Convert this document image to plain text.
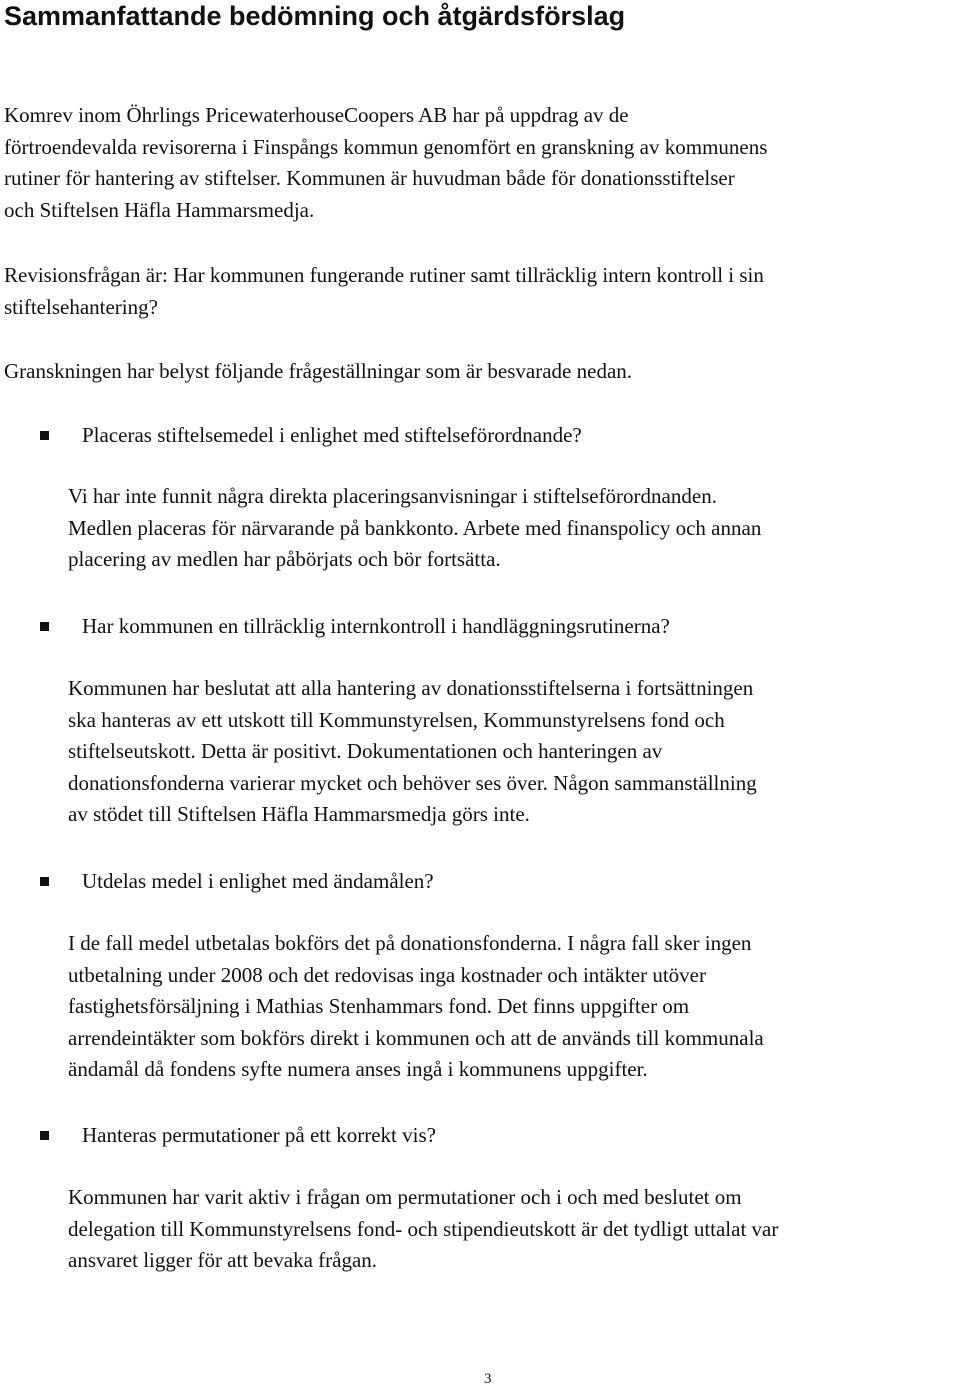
Sammanfattande bedömning och åtgärdsförslag

Komrev inom Öhrlings PricewaterhouseCoopers AB har på uppdrag av de
förtroendevalda revisorerna i Finspångs kommun genomfört en granskning av kommunens
rutiner för hantering av stiftelser. Kommunen är huvudman både för donationsstiftelser
och Stiftelsen Häfla Hammarsmedja.

Revisionsfrågan är: Har kommunen fungerande rutiner samt tillräcklig intern kontroll i sin
stiftelsehantering?

Granskningen har belyst följande frågeställningar som är besvarade nedan.

Placeras stiftelsemedel i enlighet med stiftelseförordnande?

Vi har inte funnit några direkta placeringsanvisningar i stiftelseförordnanden.
Medlen placeras för närvarande på bankkonto. Arbete med finanspolicy och annan
placering av medlen har påbörjats och bör fortsätta.

Har kommunen en tillräcklig internkontroll i handläggningsrutinerna?

Kommunen har beslutat att alla hantering av donationsstiftelserna i fortsättningen
ska hanteras av ett utskott till Kommunstyrelsen, Kommunstyrelsens fond och
stiftelseutskott. Detta är positivt. Dokumentationen och hanteringen av
donationsfonderna varierar mycket och behöver ses över. Någon sammanställning
av stödet till Stiftelsen Häfla Hammarsmedja görs inte.

Utdelas medel i enlighet med ändamålen?

I de fall medel utbetalas bokförs det på donationsfonderna. I några fall sker ingen
utbetalning under 2008 och det redovisas inga kostnader och intäkter utöver
fastighetsförsäljning i Mathias Stenhammars fond. Det finns uppgifter om
arrendeintäkter som bokförs direkt i kommunen och att de används till kommunala
ändamål då fondens syfte numera anses ingå i kommunens uppgifter.

Hanteras permutationer på ett korrekt vis?

Kommunen har varit aktiv i frågan om permutationer och i och med beslutet om
delegation till Kommunstyrelsens fond- och stipendieutskott är det tydligt uttalat var
ansvaret ligger för att bevaka frågan.

3
